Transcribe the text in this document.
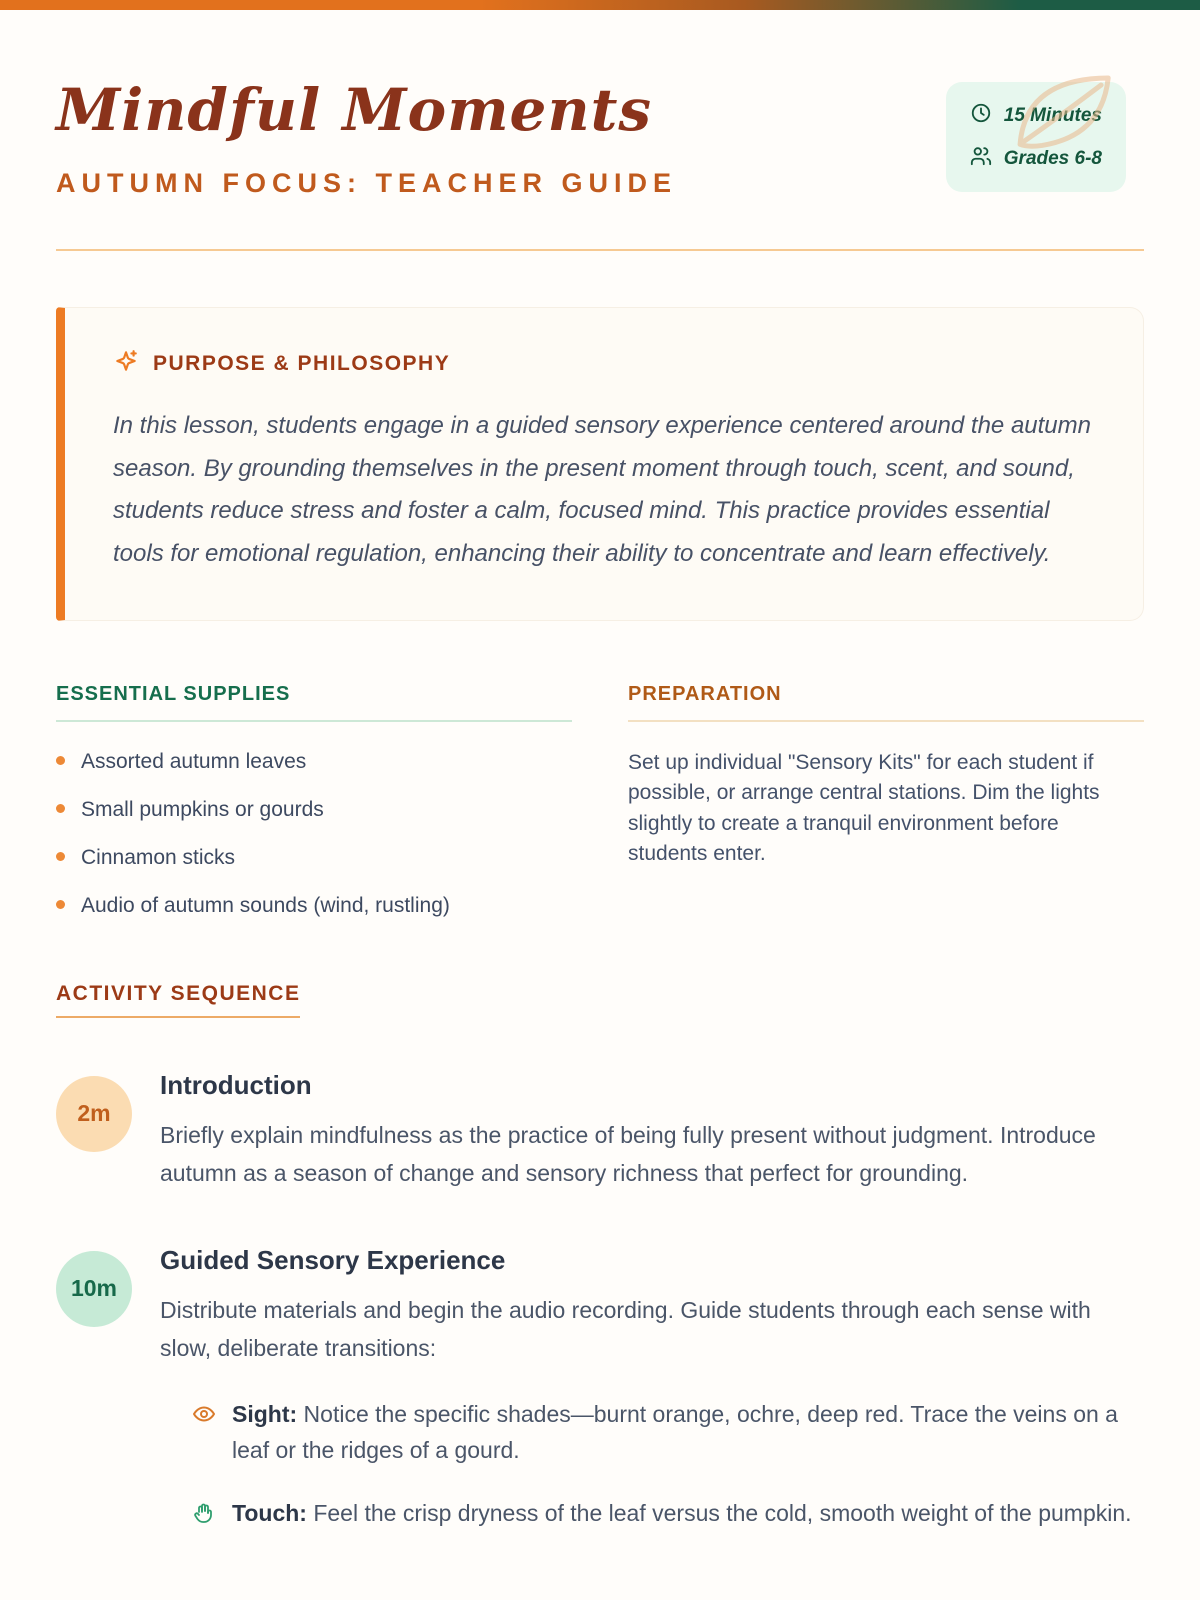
Mindful Moments
AUTUMN FOCUS: TEACHER GUIDE
15 Minutes
Grades 6-8
PURPOSE & PHILOSOPHY

In this lesson, students engage in a guided sensory experience centered around the autumn season. By grounding themselves in the present moment through touch, scent, and sound, students reduce stress and foster a calm, focused mind. This practice provides essential tools for emotional regulation, enhancing their ability to concentrate and learn effectively.

ESSENTIAL SUPPLIES
Assorted autumn leaves
Small pumpkins or gourds
Cinnamon sticks
Audio of autumn sounds (wind, rustling)
PREPARATION

Set up individual "Sensory Kits" for each student if possible, or arrange central stations. Dim the lights slightly to create a tranquil environment before students enter.

ACTIVITY SEQUENCE
2m
Introduction

Briefly explain mindfulness as the practice of being fully present without judgment. Introduce autumn as a season of change and sensory richness that perfect for grounding.

10m
Guided Sensory Experience

Distribute materials and begin the audio recording. Guide students through each sense with slow, deliberate transitions:

Sight: Notice the specific shades—burnt orange, ochre, deep red. Trace the veins on a leaf or the ridges of a gourd.
Touch: Feel the crisp dryness of the leaf versus the cold, smooth weight of the pumpkin.
